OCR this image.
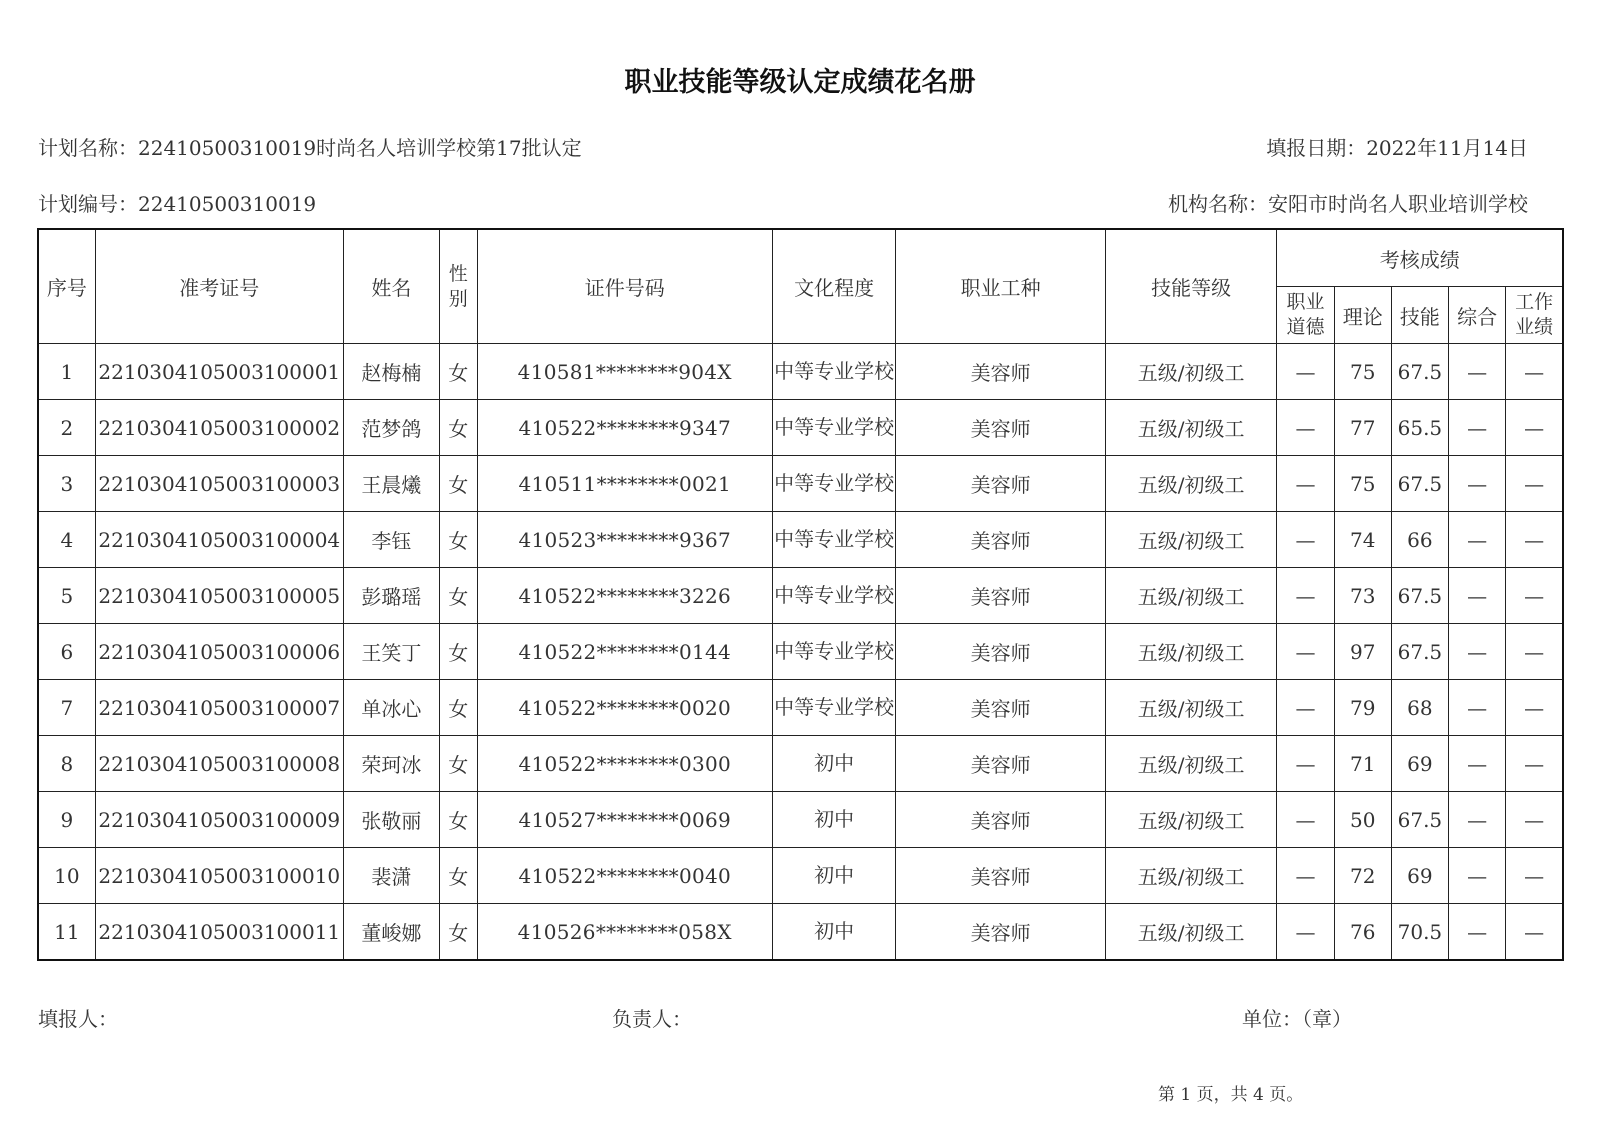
职业技能等级认定成绩花名册
计划名称：22410500310019时尚名人培训学校第17批认定	填报日期：2022年11月14日
计划编号：22410500310019	机构名称：安阳市时尚名人职业培训学校
序号	准考证号	姓名	性别	证件号码	文化程度	职业工种	技能等级	考核成绩				
								职业道德	理论	技能	综合	工作业绩
1	2210304105003100001	赵梅楠	女	410581********904X	中等专业学校	美容师	五级/初级工	—	75	67.5	—	—
2	2210304105003100002	范梦鸽	女	410522********9347	中等专业学校	美容师	五级/初级工	—	77	65.5	—	—
3	2210304105003100003	王晨爔	女	410511********0021	中等专业学校	美容师	五级/初级工	—	75	67.5	—	—
4	2210304105003100004	李钰	女	410523********9367	中等专业学校	美容师	五级/初级工	—	74	66	—	—
5	2210304105003100005	彭璐瑶	女	410522********3226	中等专业学校	美容师	五级/初级工	—	73	67.5	—	—
6	2210304105003100006	王笑丁	女	410522********0144	中等专业学校	美容师	五级/初级工	—	97	67.5	—	—
7	2210304105003100007	单冰心	女	410522********0020	中等专业学校	美容师	五级/初级工	—	79	68	—	—
8	2210304105003100008	荣珂冰	女	410522********0300	初中	美容师	五级/初级工	—	71	69	—	—
9	2210304105003100009	张敬丽	女	410527********0069	初中	美容师	五级/初级工	—	50	67.5	—	—
10	2210304105003100010	裴潇	女	410522********0040	初中	美容师	五级/初级工	—	72	69	—	—
11	2210304105003100011	董峻娜	女	410526********058X	初中	美容师	五级/初级工	—	76	70.5	—	—
填报人：	负责人：	单位：（章）
第 1 页，共 4 页。
